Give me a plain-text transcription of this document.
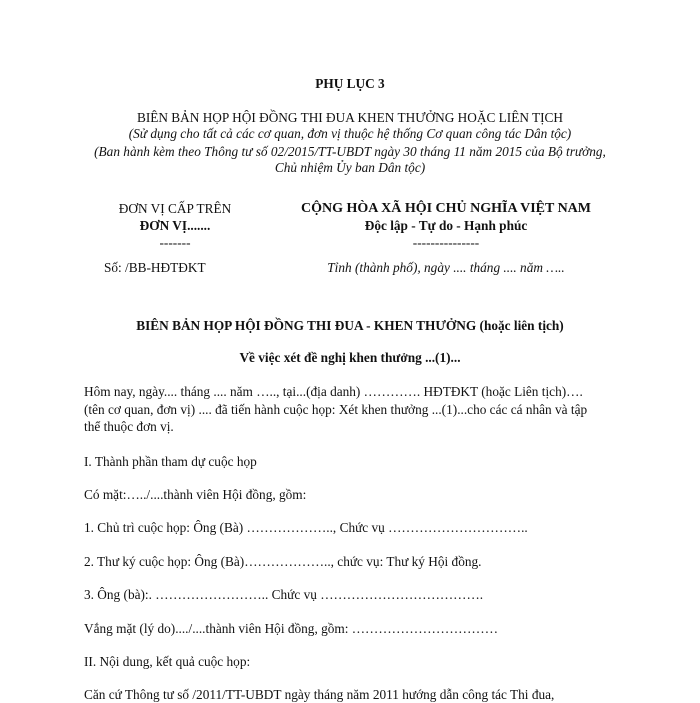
PHỤ LỤC 3
BIÊN BẢN HỌP HỘI ĐỒNG THI ĐUA KHEN THƯỞNG HOẶC LIÊN TỊCH
(Sử dụng cho tất cả các cơ quan, đơn vị thuộc hệ thống Cơ quan công tác Dân tộc)
(Ban hành kèm theo Thông tư số 02/2015/TT-UBDT ngày 30 tháng 11 năm 2015 của Bộ trưởng,
Chủ nhiệm Ủy ban Dân tộc)
ĐƠN VỊ CẤP TRÊN
ĐƠN VỊ.......
-------
Số: /BB-HĐTĐKT
CỘNG HÒA XÃ HỘI CHỦ NGHĨA VIỆT NAM
Độc lập - Tự do - Hạnh phúc
---------------
Tỉnh (thành phố), ngày .... tháng .... năm …..
BIÊN BẢN HỌP HỘI ĐỒNG THI ĐUA - KHEN THƯỞNG (hoặc liên tịch)
Về việc xét đề nghị khen thưởng ...(1)...
Hôm nay, ngày.... tháng .... năm ….., tại...(địa danh) …………. HĐTĐKT (hoặc Liên tịch)….
(tên cơ quan, đơn vị) .... đã tiến hành cuộc họp: Xét khen thưởng ...(1)...cho các cá nhân và tập
thể thuộc đơn vị.
I. Thành phần tham dự cuộc họp
Có mặt:…../....thành viên Hội đồng, gồm:
1. Chủ trì cuộc họp: Ông (Bà) ……………….., Chức vụ …………………………..
2. Thư ký cuộc họp: Ông (Bà)……………….., chức vụ: Thư ký Hội đồng.
3. Ông (bà):. …………………….. Chức vụ ……………………………….
Vắng mặt (lý do)..../....thành viên Hội đồng, gồm: ……………………………
II. Nội dung, kết quả cuộc họp:
Căn cứ Thông tư số /2011/TT-UBDT ngày tháng năm 2011 hướng dẫn công tác Thi đua,
